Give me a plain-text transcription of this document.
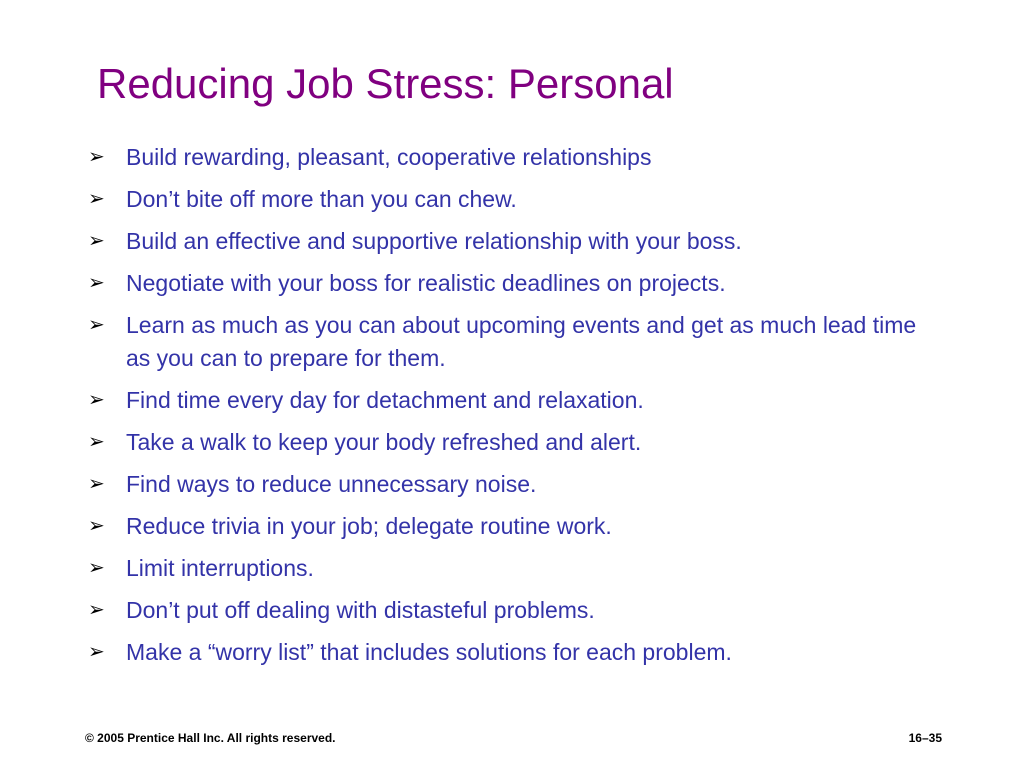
Reducing Job Stress: Personal
➢ Build rewarding, pleasant, cooperative relationships
➢ Don’t bite off more than you can chew.
➢ Build an effective and supportive relationship with your boss.
➢ Negotiate with your boss for realistic deadlines on projects.
➢ Learn as much as you can about upcoming events and get as much lead time as you can to prepare for them.
➢ Find time every day for detachment and relaxation.
➢ Take a walk to keep your body refreshed and alert.
➢ Find ways to reduce unnecessary noise.
➢ Reduce trivia in your job; delegate routine work.
➢ Limit interruptions.
➢ Don’t put off dealing with distasteful problems.
➢ Make a “worry list” that includes solutions for each problem.
© 2005 Prentice Hall Inc. All rights reserved.	16–35
